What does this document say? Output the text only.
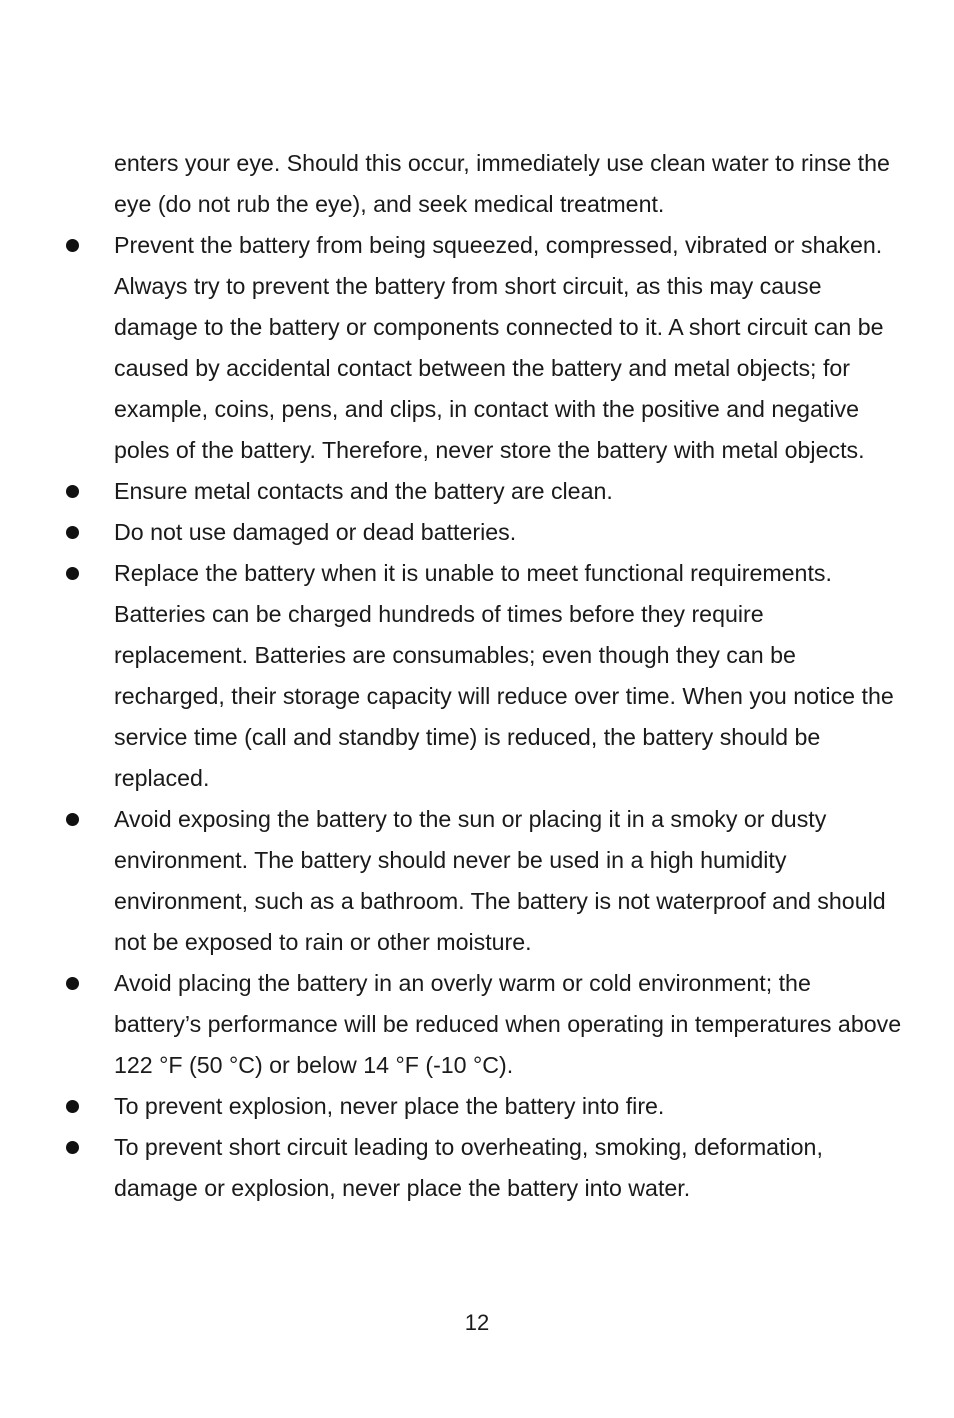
enters your eye. Should this occur, immediately use clean water to rinse the eye (do not rub the eye), and seek medical treatment.

Prevent the battery from being squeezed, compressed, vibrated or shaken. Always try to prevent the battery from short circuit, as this may cause damage to the battery or components connected to it. A short circuit can be caused by accidental contact between the battery and metal objects; for example, coins, pens, and clips, in contact with the positive and negative poles of the battery. Therefore, never store the battery with metal objects.
Ensure metal contacts and the battery are clean.
Do not use damaged or dead batteries.
Replace the battery when it is unable to meet functional requirements. Batteries can be charged hundreds of times before they require replacement. Batteries are consumables; even though they can be recharged, their storage capacity will reduce over time. When you notice the service time (call and standby time) is reduced, the battery should be replaced.
Avoid exposing the battery to the sun or placing it in a smoky or dusty environment. The battery should never be used in a high humidity environment, such as a bathroom. The battery is not waterproof and should not be exposed to rain or other moisture.
Avoid placing the battery in an overly warm or cold environment; the battery’s performance will be reduced when operating in temperatures above 122 °F (50 °C) or below 14 °F (-10 °C).
To prevent explosion, never place the battery into fire.
To prevent short circuit leading to overheating, smoking, deformation, damage or explosion, never place the battery into water.
12
